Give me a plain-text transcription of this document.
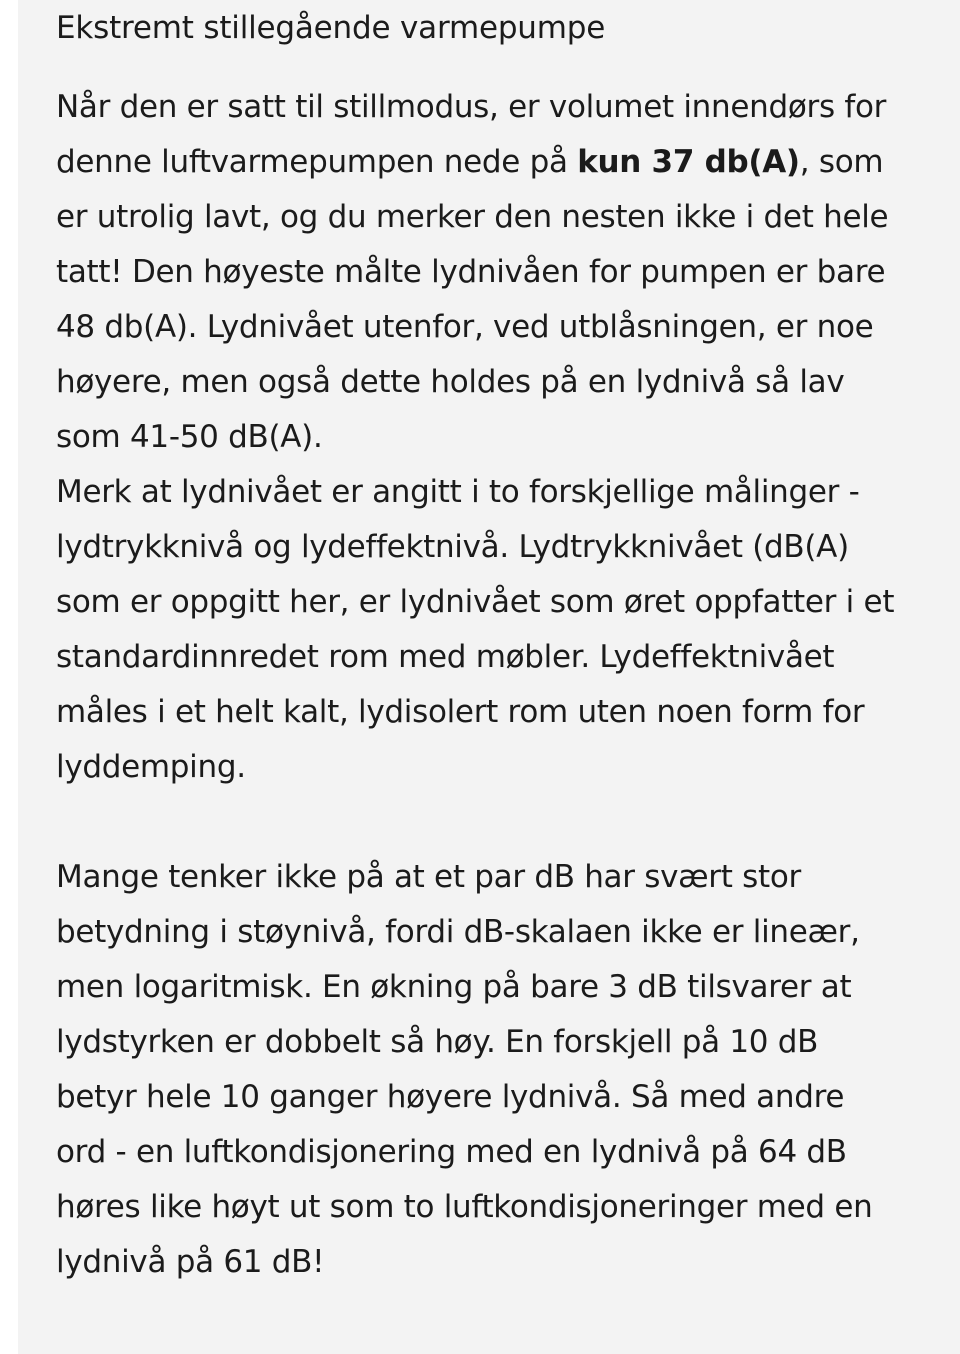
Ekstremt stillegående varmepumpe

Når den er satt til stillmodus, er volumet innendørs for
denne luftvarmepumpen nede på kun 37 db(A), som
er utrolig lavt, og du merker den nesten ikke i det hele
tatt! Den høyeste målte lydnivåen for pumpen er bare
48 db(A). Lydnivået utenfor, ved utblåsningen, er noe
høyere, men også dette holdes på en lydnivå så lav
som 41-50 dB(A).
Merk at lydnivået er angitt i to forskjellige målinger -
lydtrykknivå og lydeffektnivå. Lydtrykknivået (dB(A)
som er oppgitt her, er lydnivået som øret oppfatter i et
standardinnredet rom med møbler. Lydeffektnivået
måles i et helt kalt, lydisolert rom uten noen form for
lyddemping.

Mange tenker ikke på at et par dB har svært stor
betydning i støynivå, fordi dB-skalaen ikke er lineær,
men logaritmisk. En økning på bare 3 dB tilsvarer at
lydstyrken er dobbelt så høy. En forskjell på 10 dB
betyr hele 10 ganger høyere lydnivå. Så med andre
ord - en luftkondisjonering med en lydnivå på 64 dB
høres like høyt ut som to luftkondisjoneringer med en
lydnivå på 61 dB!
